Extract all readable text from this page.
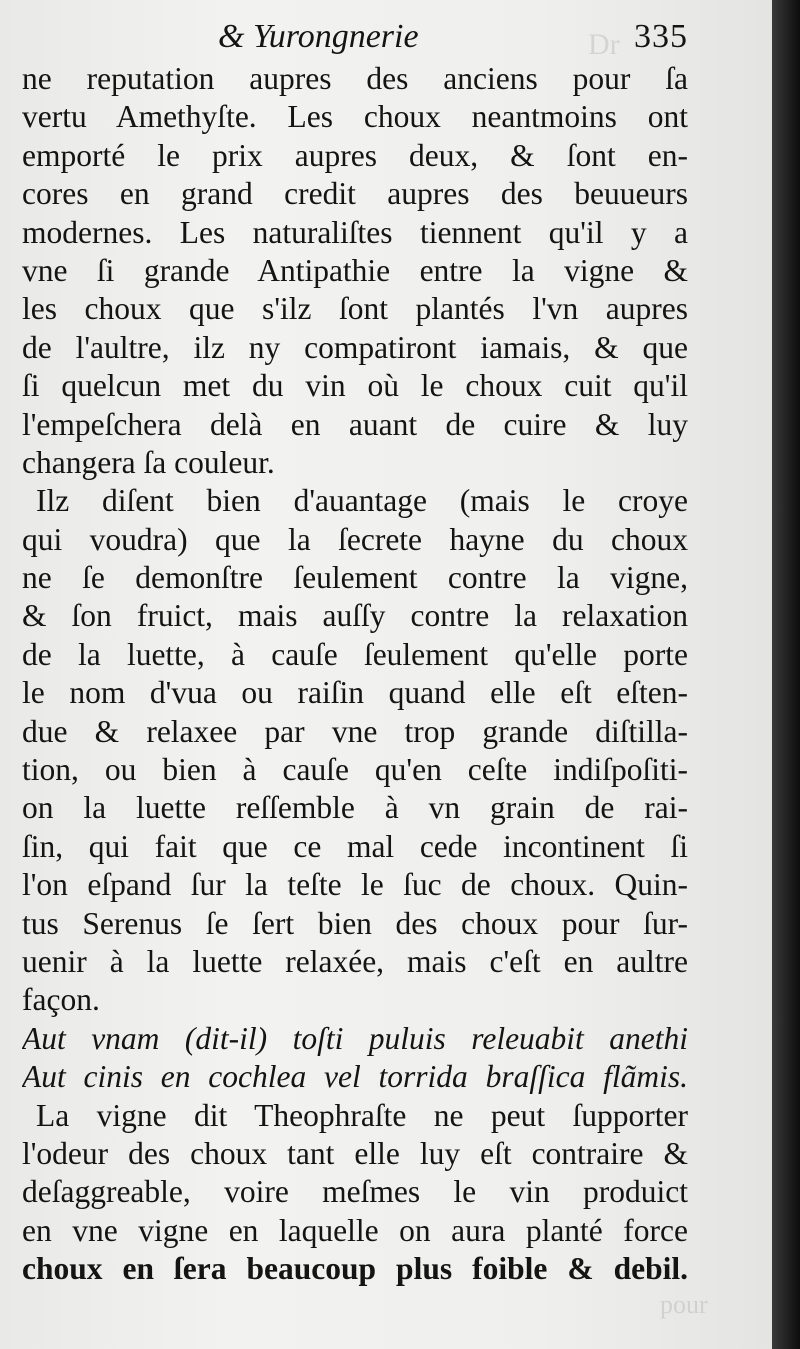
& Yurongnerie	335
ne reputation aupres des anciens pour ſa
vertu Amethyſte. Les choux neantmoins ont
emporté le prix aupres deux, & ſont en-
cores en grand credit aupres des beuueurs
modernes. Les naturaliſtes tiennent qu'il y a
vne ſi grande Antipathie entre la vigne &
les choux que s'ilz ſont plantés l'vn aupres
de l'aultre, ilz ny compatiront iamais, & que
ſi quelcun met du vin où le choux cuit qu'il
l'empeſchera delà en auant de cuire & luy
changera ſa couleur.
Ilz diſent bien d'auantage (mais le croye
qui voudra) que la ſecrete hayne du choux
ne ſe demonſtre ſeulement contre la vigne,
& ſon fruict, mais auſſy contre la relaxation
de la luette, à cauſe ſeulement qu'elle porte
le nom d'vua ou raiſin quand elle eſt eſten-
due & relaxee par vne trop grande diſtilla-
tion, ou bien à cauſe qu'en ceſte indiſpoſiti-
on la luette reſſemble à vn grain de rai-
ſin, qui fait que ce mal cede incontinent ſi
l'on eſpand ſur la teſte le ſuc de choux. Quin-
tus Serenus ſe ſert bien des choux pour ſur-
uenir à la luette relaxée, mais c'eſt en aultre
façon.
Aut vnam (dit-il) toſti puluis releuabit anethi
Aut cinis en cochlea vel torrida braſſica flãmis.
La vigne dit Theophraſte ne peut ſupporter
l'odeur des choux tant elle luy eſt contraire &
deſaggreable, voire meſmes le vin produict
en vne vigne en laquelle on aura planté force
choux en ſera beaucoup plus foible & debil.
Dr
pour
